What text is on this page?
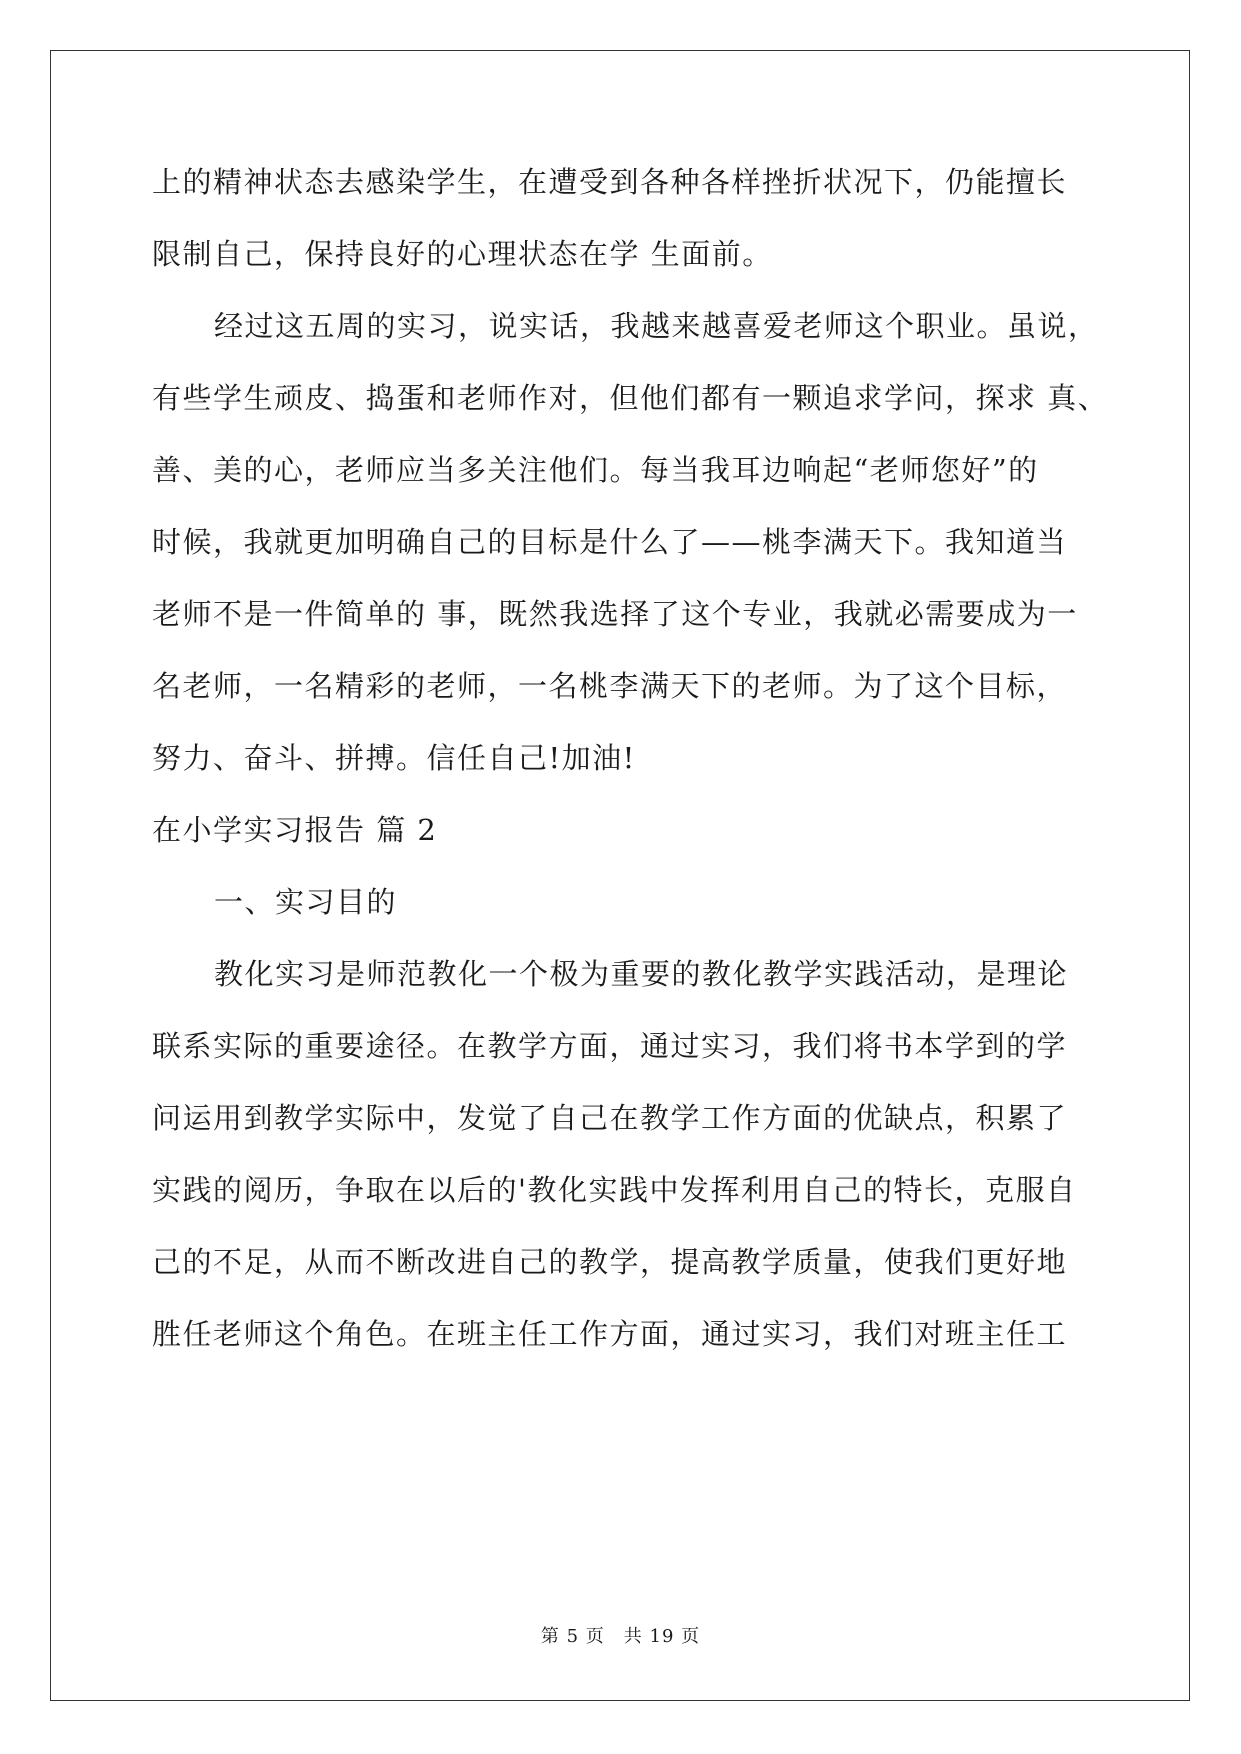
上的精神状态去感染学生，在遭受到各种各样挫折状况下，仍能擅长
限制自己，保持良好的心理状态在学 生面前。
经过这五周的实习，说实话，我越来越喜爱老师这个职业。虽说，
有些学生顽皮、捣蛋和老师作对，但他们都有一颗追求学问，探求 真、
善、美的心，老师应当多关注他们。每当我耳边响起“老师您好”的
时候，我就更加明确自己的目标是什么了——桃李满天下。我知道当
老师不是一件简单的 事，既然我选择了这个专业，我就必需要成为一
名老师，一名精彩的老师，一名桃李满天下的老师。为了这个目标，
努力、奋斗、拼搏。信任自己!加油!
在小学实习报告 篇 2
一、实习目的
教化实习是师范教化一个极为重要的教化教学实践活动，是理论
联系实际的重要途径。在教学方面，通过实习，我们将书本学到的学
问运用到教学实际中，发觉了自己在教学工作方面的优缺点，积累了
实践的阅历，争取在以后的'教化实践中发挥利用自己的特长，克服自
己的不足，从而不断改进自己的教学，提高教学质量，使我们更好地
胜任老师这个角色。在班主任工作方面，通过实习，我们对班主任工
第 5 页　共 19 页
